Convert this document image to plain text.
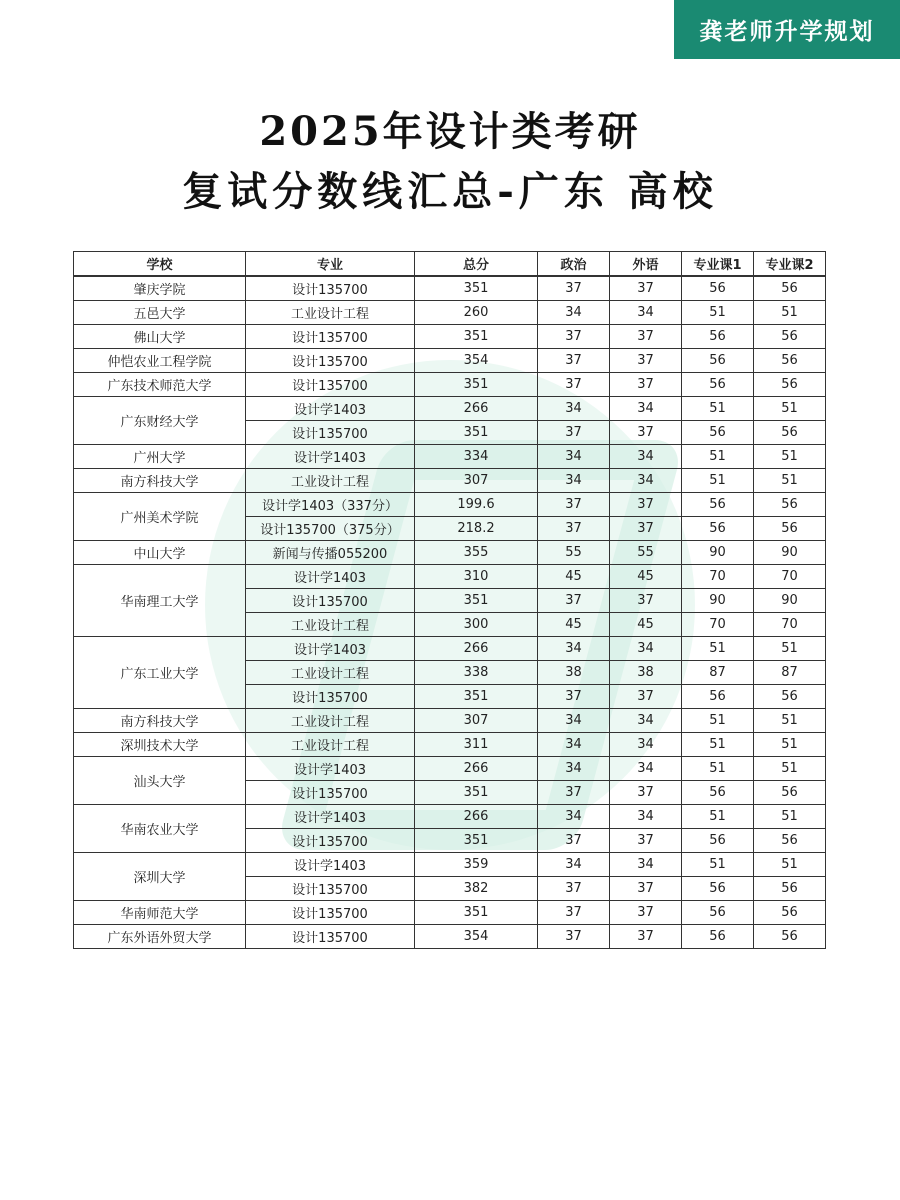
龚老师升学规划
2025年设计类考研
复试分数线汇总-广东 高校
学校	专业	总分	政治	外语	专业课1	专业课2
肇庆学院	设计135700	351	37	37	56	56
五邑大学	工业设计工程	260	34	34	51	51
佛山大学	设计135700	351	37	37	56	56
仲恺农业工程学院	设计135700	354	37	37	56	56
广东技术师范大学	设计135700	351	37	37	56	56
广东财经大学	设计学1403	266	34	34	51	51
	设计135700	351	37	37	56	56
广州大学	设计学1403	334	34	34	51	51
南方科技大学	工业设计工程	307	34	34	51	51
广州美术学院	设计学1403（337分）	199.6	37	37	56	56
	设计135700（375分）	218.2	37	37	56	56
中山大学	新闻与传播055200	355	55	55	90	90
华南理工大学	设计学1403	310	45	45	70	70
	设计135700	351	37	37	90	90
	工业设计工程	300	45	45	70	70
广东工业大学	设计学1403	266	34	34	51	51
	工业设计工程	338	38	38	87	87
	设计135700	351	37	37	56	56
南方科技大学	工业设计工程	307	34	34	51	51
深圳技术大学	工业设计工程	311	34	34	51	51
汕头大学	设计学1403	266	34	34	51	51
	设计135700	351	37	37	56	56
华南农业大学	设计学1403	266	34	34	51	51
	设计135700	351	37	37	56	56
深圳大学	设计学1403	359	34	34	51	51
	设计135700	382	37	37	56	56
华南师范大学	设计135700	351	37	37	56	56
广东外语外贸大学	设计135700	354	37	37	56	56
